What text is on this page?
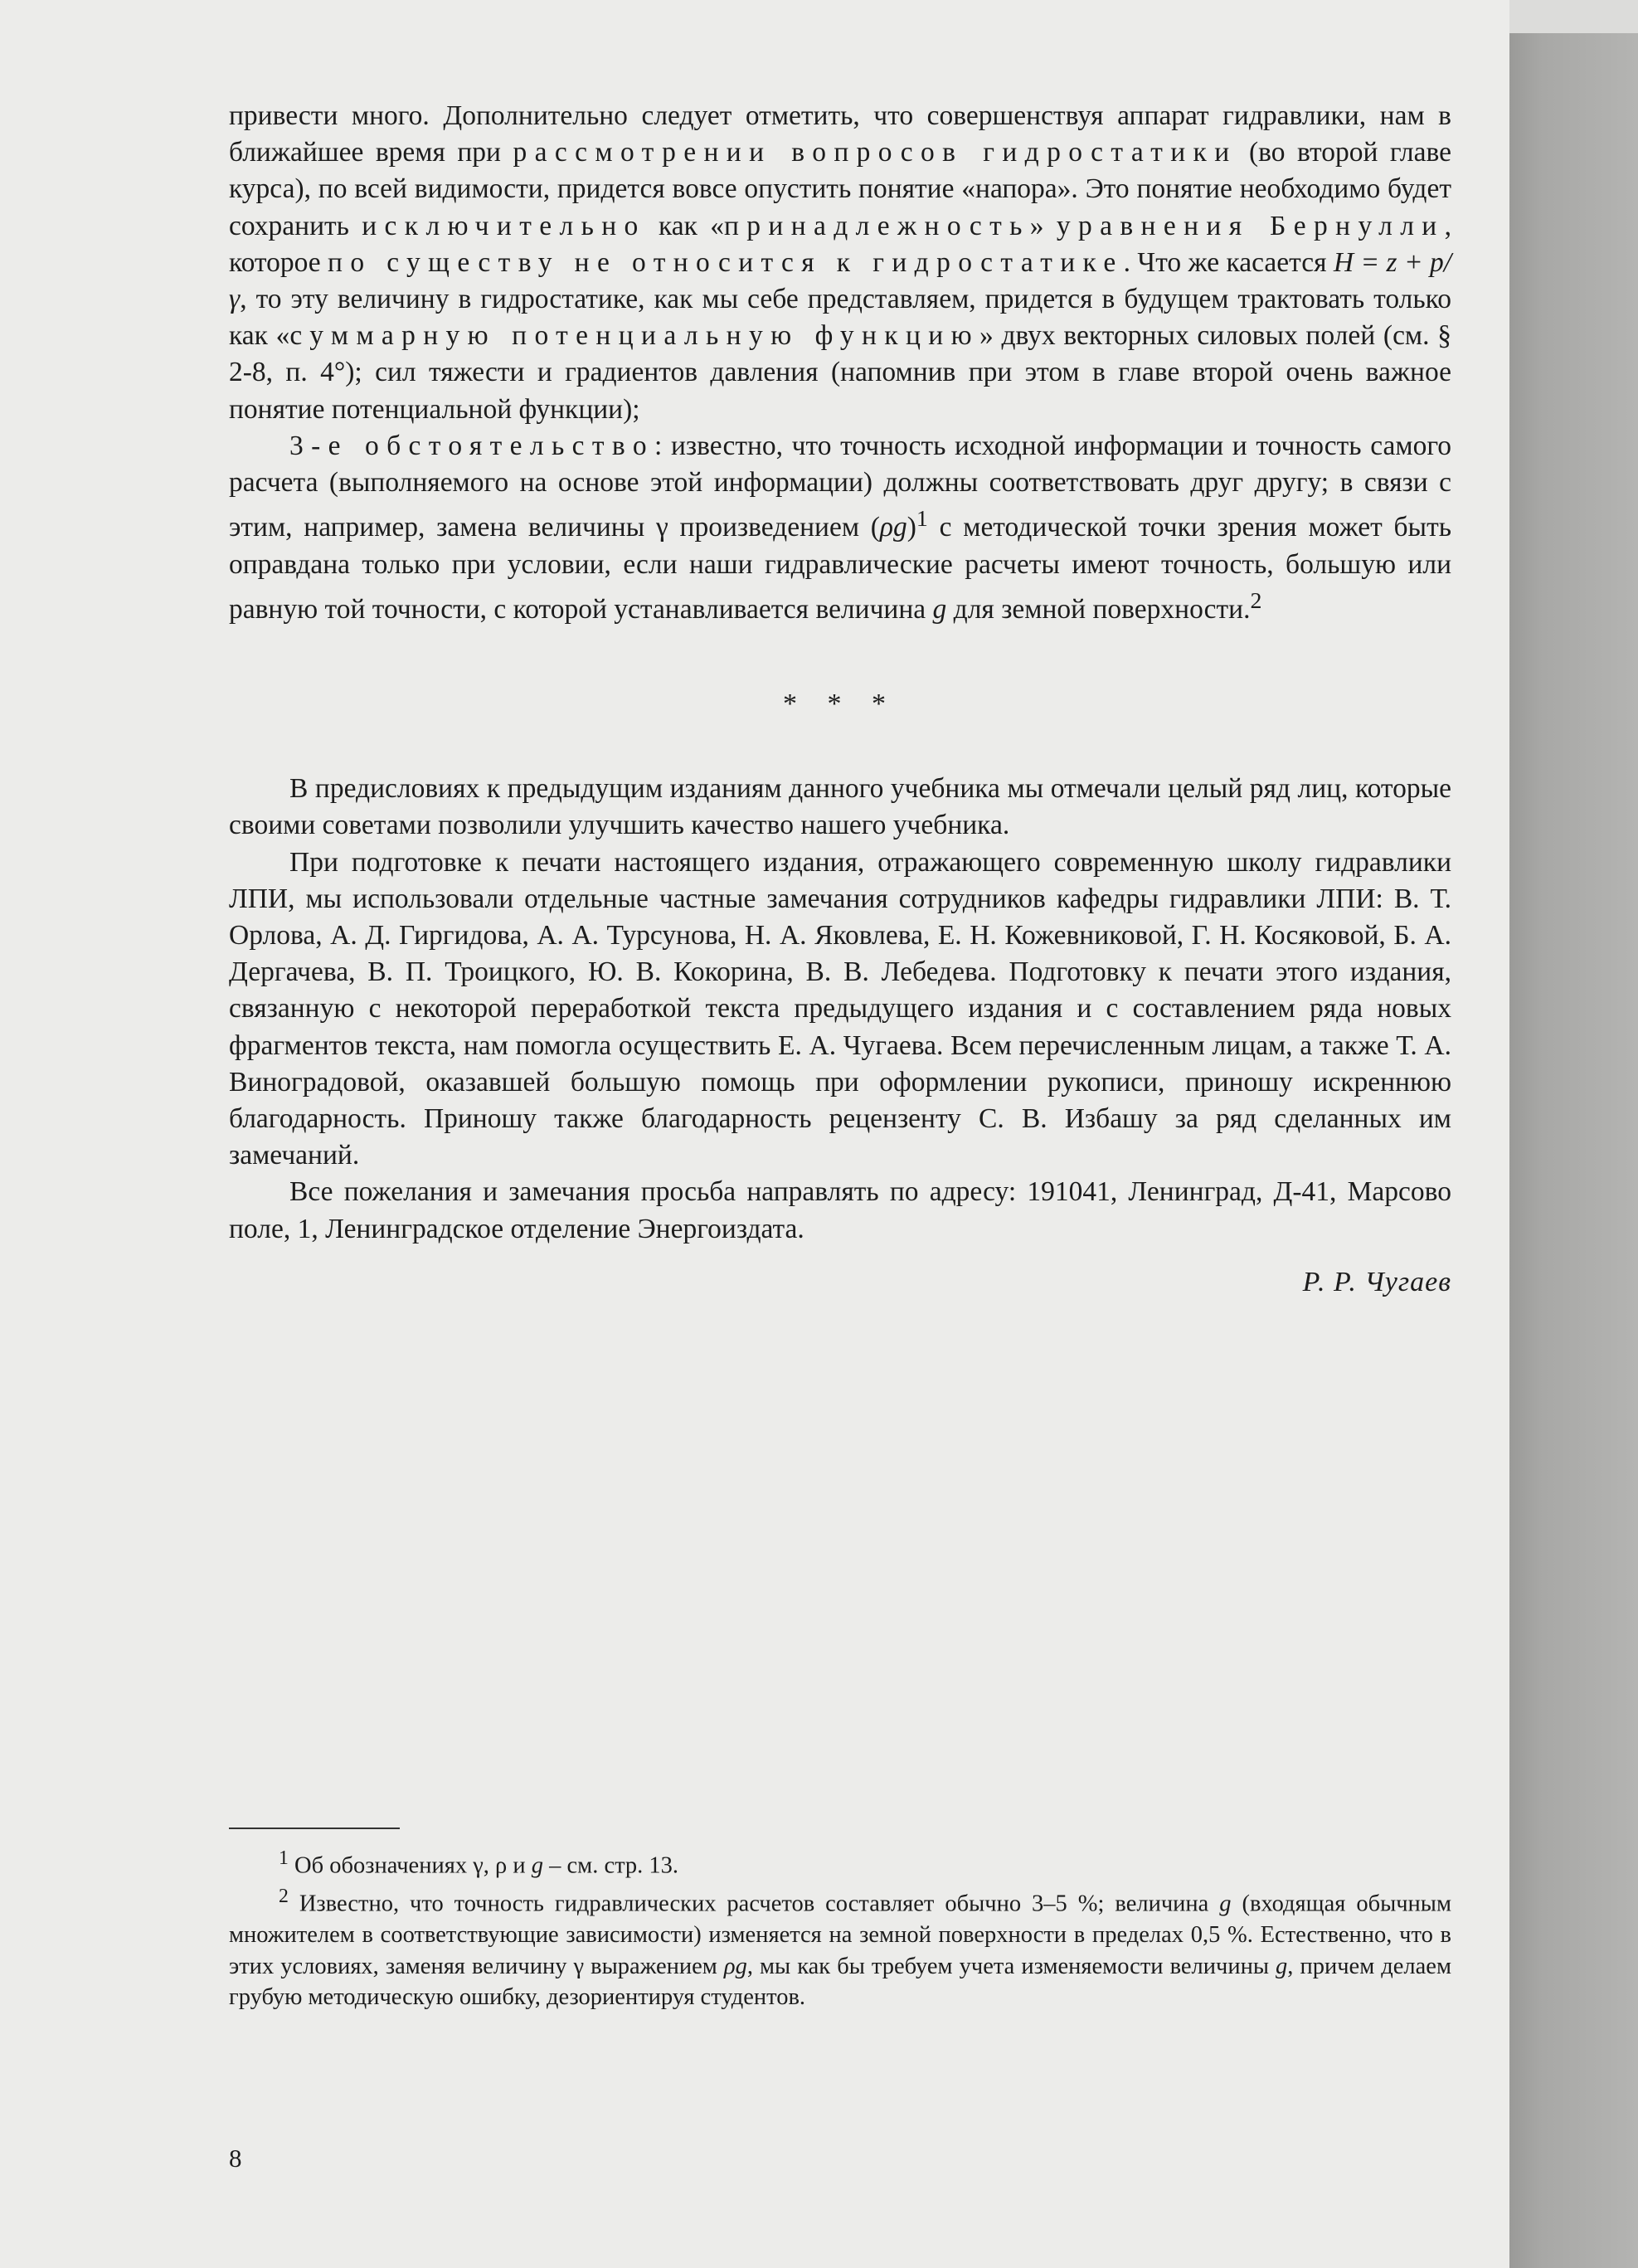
привести много. Дополнительно следует отметить, что совершенствуя аппарат гидравлики, нам в ближайшее время при рассмотрении вопросов гидростатики (во второй главе курса), по всей видимости, придется вовсе опустить понятие «напора». Это понятие необходимо будет сохранить исключительно как «принадлежность» уравнения Бернулли, которое по существу не относится к гидростатике. Что же касается H = z + p/γ, то эту величину в гидростатике, как мы себе представляем, придется в будущем трактовать только как «суммарную потенциальную функцию» двух векторных силовых полей (см. § 2-8, п. 4°); сил тяжести и градиентов давления (напомнив при этом в главе второй очень важное понятие потенциальной функции);

3-е обстоятельство: известно, что точность исходной информации и точность самого расчета (выполняемого на основе этой информации) должны соответствовать друг другу; в связи с этим, например, замена величины γ произведением $(\rho g)^1$ с методической точки зрения может быть оправдана только при условии, если наши гидравлические расчеты имеют точность, большую или равную той точности, с которой устанавливается величина g для земной поверхности.$^2$

* * *

В предисловиях к предыдущим изданиям данного учебника мы отмечали целый ряд лиц, которые своими советами позволили улучшить качество нашего учебника.

При подготовке к печати настоящего издания, отражающего современную школу гидравлики ЛПИ, мы использовали отдельные частные замечания сотрудников кафедры гидравлики ЛПИ: В. Т. Орлова, А. Д. Гиргидова, А. А. Турсунова, Н. А. Яковлева, Е. Н. Кожевниковой, Г. Н. Косяковой, Б. А. Дергачева, В. П. Троицкого, Ю. В. Кокорина, В. В. Лебедева. Подготовку к печати этого издания, связанную с некоторой переработкой текста предыдущего издания и с составлением ряда новых фрагментов текста, нам помогла осуществить Е. А. Чугаева. Всем перечисленным лицам, а также Т. А. Виноградовой, оказавшей большую помощь при оформлении рукописи, приношу искреннюю благодарность. Приношу также благодарность рецензенту С. В. Избашу за ряд сделанных им замечаний.

Все пожелания и замечания просьба направлять по адресу: 191041, Ленинград, Д-41, Марсово поле, 1, Ленинградское отделение Энергоиздата.

Р. Р. Чугаев

$^1$ Об обозначениях γ, ρ и g – см. стр. 13.

$^2$ Известно, что точность гидравлических расчетов составляет обычно 3–5 %; величина g (входящая обычным множителем в соответствующие зависимости) изменяется на земной поверхности в пределах 0,5 %. Естественно, что в этих условиях, заменяя величину γ выражением ρg, мы как бы требуем учета изменяемости величины g, причем делаем грубую методическую ошибку, дезориентируя студентов.

8
